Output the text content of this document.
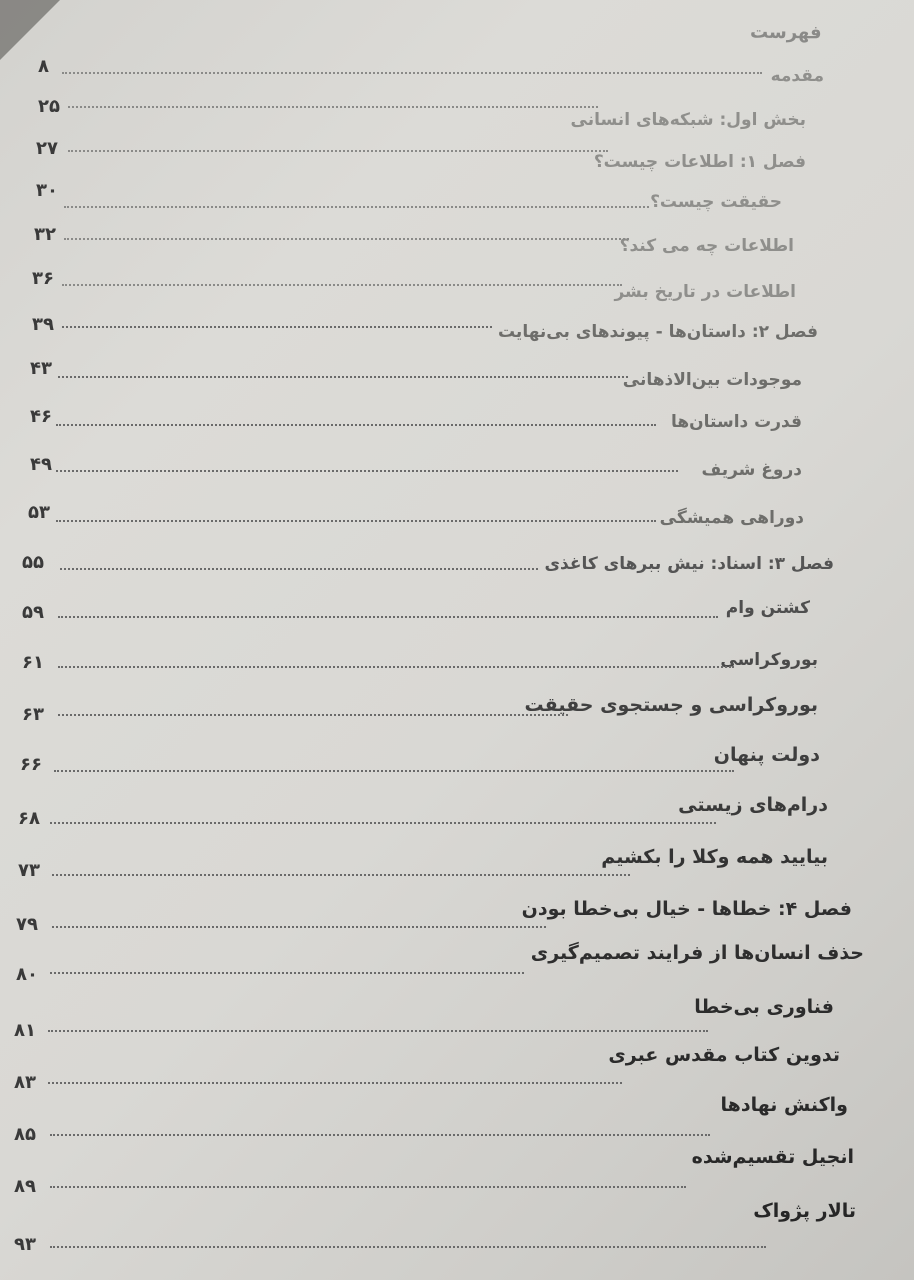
فهرست
مقدمه
۸
بخش اول: شبکه‌های انسانی
۲۵
فصل ۱: اطلاعات چیست؟
۲۷
حقیقت چیست؟
۳۰
اطلاعات چه می کند؟
۳۲
اطلاعات در تاریخ بشر
۳۶
فصل ۲: داستان‌ها - پیوندهای بی‌نهایت
۳۹
موجودات بین‌الاذهانی
۴۳
قدرت داستان‌ها
۴۶
دروغ شریف
۴۹
دوراهی همیشگی
۵۳
فصل ۳: اسناد: نیش ببرهای کاغذی
۵۵
کشتن وام
۵۹
بوروکراسی
۶۱
بوروکراسی و جستجوی حقیقت
۶۳
دولت پنهان
۶۶
درام‌های زیستی
۶۸
بیایید همه وکلا را بکشیم
۷۳
فصل ۴: خطاها - خیال بی‌خطا بودن
۷۹
حذف انسان‌ها از فرایند تصمیم‌گیری
۸۰
فناوری بی‌خطا
۸۱
تدوین کتاب مقدس عبری
۸۳
واکنش نهادها
۸۵
انجیل تقسیم‌شده
۸۹
تالار پژواک
۹۳
